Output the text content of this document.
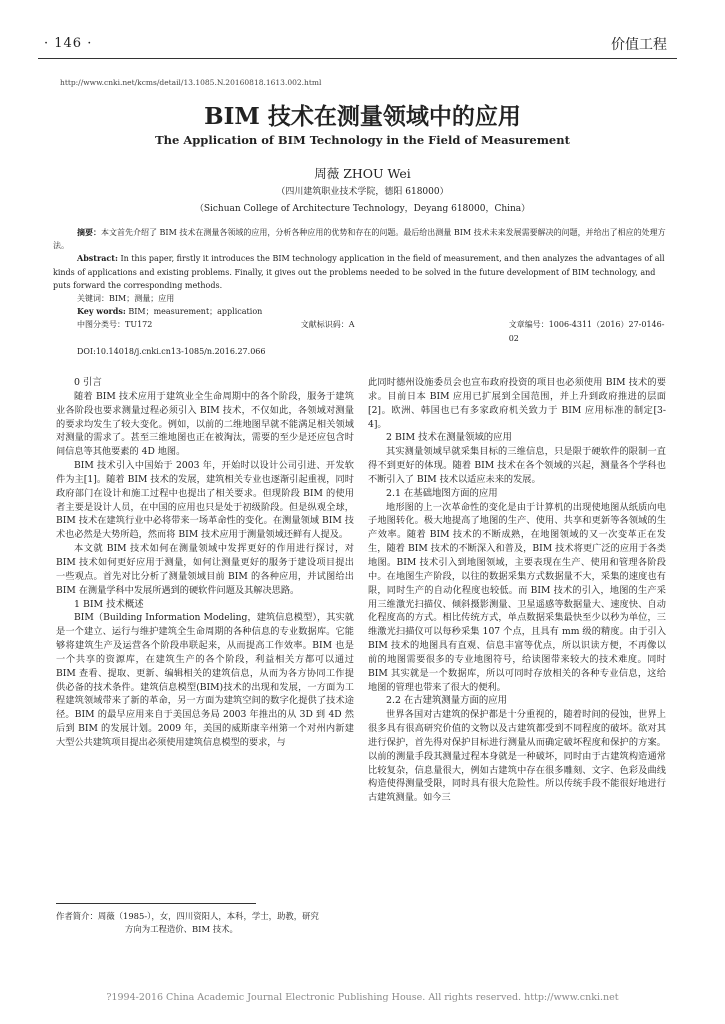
· 146 ·	价值工程
http://www.cnki.net/kcms/detail/13.1085.N.20160818.1613.002.html
BIM 技术在测量领域中的应用
The Application of BIM Technology in the Field of Measurement
周薇 ZHOU Wei
（四川建筑职业技术学院，德阳 618000）
（Sichuan College of Architecture Technology，Deyang 618000，China）
摘要：本文首先介绍了 BIM 技术在测量各领域的应用，分析各种应用的优势和存在的问题。最后给出测量 BIM 技术未来发展需要解决的问题，并给出了相应的处理方法。
Abstract: In this paper, firstly it introduces the BIM technology application in the field of measurement, and then analyzes the advantages of all kinds of applications and existing problems. Finally, it gives out the problems needed to be solved in the future development of BIM technology, and puts forward the corresponding methods.
关键词：BIM；测量；应用
Key words: BIM；measurement；application
中图分类号：TU172	文献标识码：A	文章编号：1006-4311（2016）27-0146-02
DOI:10.14018/j.cnki.cn13-1085/n.2016.27.066
0 引言

随着 BIM 技术应用于建筑业全生命周期中的各个阶段，服务于建筑业各阶段也要求测量过程必须引入 BIM 技术，不仅如此，各领域对测量的要求均发生了较大变化。例如，以前的二维地图早就不能满足相关领域对测量的需求了。甚至三维地图也正在被淘汰，需要的至少是还应包含时间信息等其他要素的 4D 地图。

BIM 技术引入中国始于 2003 年，开始时以设计公司引进、开发软件为主[1]。随着 BIM 技术的发展，建筑相关专业也逐渐引起重视，同时政府部门在设计和施工过程中也提出了相关要求。但现阶段 BIM 的使用者主要是设计人员，在中国的应用也只是处于初级阶段。但是纵观全球，BIM 技术在建筑行业中必将带来一场革命性的变化。在测量领域 BIM 技术也必然是大势所趋，然而将 BIM 技术应用于测量领域还鲜有人提及。

本文就 BIM 技术如何在测量领域中发挥更好的作用进行探讨，对 BIM 技术如何更好应用于测量，如何让测量更好的服务于建设项目提出一些观点。首先对比分析了测量领域目前 BIM 的各种应用，并试图给出 BIM 在测量学科中发展所遇到的硬软件问题及其解决思路。

1 BIM 技术概述

BIM（Building Information Modeling，建筑信息模型），其实就是一个建立、运行与维护建筑全生命周期的各种信息的专业数据库。它能够将建筑生产及运营各个阶段串联起来，从而提高工作效率。BIM 也是一个共享的资源库，在建筑生产的各个阶段，利益相关方都可以通过 BIM 查看、提取、更新、编辑相关的建筑信息，从而为各方协同工作提供必备的技术条件。建筑信息模型(BIM)技术的出现和发展，一方面为工程建筑领域带来了新的革命，另一方面为建筑空间的数字化提供了技术途径。BIM 的最早应用来自于美国总务局 2003 年推出的从 3D 到 4D 然后到 BIM 的发展计划。2009 年，美国的威斯康辛州第一个对州内新建大型公共建筑项目提出必须使用建筑信息模型的要求，与

此同时德州设施委员会也宣布政府投资的项目也必须使用 BIM 技术的要求。目前日本 BIM 应用已扩展到全国范围，并上升到政府推进的层面[2]。欧洲、韩国也已有多家政府机关致力于 BIM 应用标准的制定[3-4]。

2 BIM 技术在测量领域的应用

其实测量领域早就采集目标的三维信息，只是限于硬软件的限制一直得不到更好的体现。随着 BIM 技术在各个领域的兴起，测量各个学科也不断引入了 BIM 技术以适应未来的发展。

2.1 在基础地图方面的应用

地形图的上一次革命性的变化是由于计算机的出现使地图从纸质向电子地图转化。极大地提高了地图的生产、使用、共享和更新等各领域的生产效率。随着 BIM 技术的不断成熟，在地图领域的又一次变革正在发生，随着 BIM 技术的不断深入和普及，BIM 技术将更广泛的应用于各类地图。BIM 技术引入到地图领域，主要表现在生产、使用和管理各阶段中。在地图生产阶段，以往的数据采集方式数据量不大，采集的速度也有限，同时生产的自动化程度也较低。而 BIM 技术的引入，地图的生产采用三维激光扫描仪、倾斜摄影测量、卫星遥感等数据量大、速度快、自动化程度高的方式。相比传统方式，单点数据采集最快至少以秒为单位，三维激光扫描仪可以每秒采集 107 个点，且具有 mm 级的精度。由于引入 BIM 技术的地图具有直观、信息丰富等优点，所以识读方便，不再像以前的地图需要很多的专业地图符号，给读图带来较大的技术难度。同时 BIM 其实就是一个数据库，所以可同时存放相关的各种专业信息，这给地图的管理也带来了很大的便利。

2.2 在古建筑测量方面的应用

世界各国对古建筑的保护都是十分重视的，随着时间的侵蚀，世界上很多具有很高研究价值的文物以及古建筑都受到不同程度的破坏。欲对其进行保护，首先得对保护目标进行测量从而确定破坏程度和保护的方案。以前的测量手段其测量过程本身就是一种破坏，同时由于古建筑构造通常比较复杂，信息量很大，例如古建筑中存在很多雕刻、文字、色彩及曲线构造使得测量受限，同时具有很大危险性。所以传统手段不能很好地进行古建筑测量。如今三

作者简介：周薇（1985-），女，四川资阳人，本科，学士，助教，研究
方向为工程造价、BIM 技术。
?1994-2016 China Academic Journal Electronic Publishing House. All rights reserved. http://www.cnki.net
